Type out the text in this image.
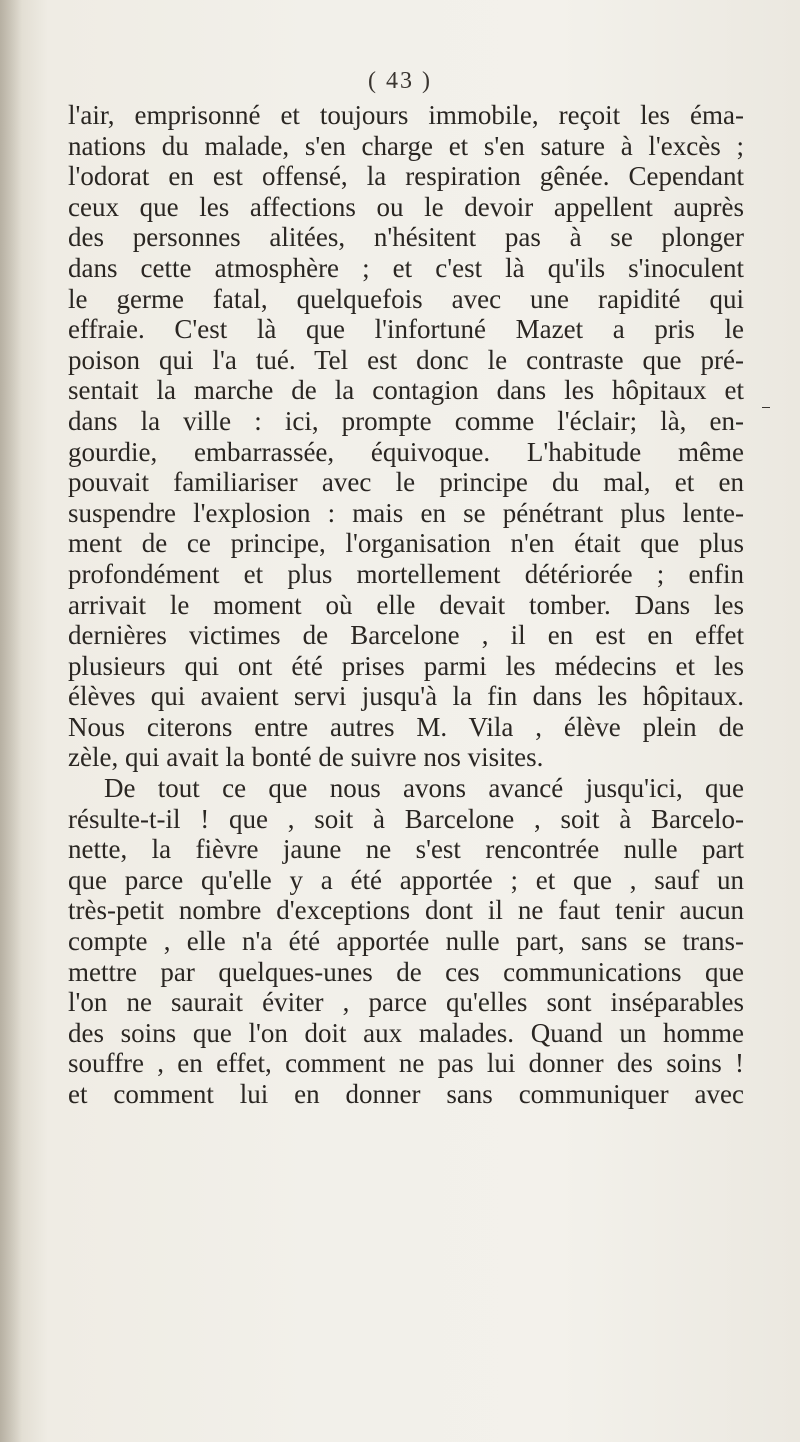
( 43 )
l'air, emprisonné et toujours immobile, reçoit les éma-
nations du malade, s'en charge et s'en sature à l'excès ;
l'odorat en est offensé, la respiration gênée. Cependant
ceux que les affections ou le devoir appellent auprès
des personnes alitées, n'hésitent pas à se plonger
dans cette atmosphère ; et c'est là qu'ils s'inoculent
le germe fatal, quelquefois avec une rapidité qui
effraie. C'est là que l'infortuné Mazet a pris le
poison qui l'a tué. Tel est donc le contraste que pré-
sentait la marche de la contagion dans les hôpitaux et
dans la ville : ici, prompte comme l'éclair; là, en-
gourdie, embarrassée, équivoque. L'habitude même
pouvait familiariser avec le principe du mal, et en
suspendre l'explosion : mais en se pénétrant plus lente-
ment de ce principe, l'organisation n'en était que plus
profondément et plus mortellement détériorée ; enfin
arrivait le moment où elle devait tomber. Dans les
dernières victimes de Barcelone , il en est en effet
plusieurs qui ont été prises parmi les médecins et les
élèves qui avaient servi jusqu'à la fin dans les hôpitaux.
Nous citerons entre autres M. Vila , élève plein de
zèle, qui avait la bonté de suivre nos visites.
De tout ce que nous avons avancé jusqu'ici, que
résulte-t-il ! que , soit à Barcelone , soit à Barcelo-
nette, la fièvre jaune ne s'est rencontrée nulle part
que parce qu'elle y a été apportée ; et que , sauf un
très-petit nombre d'exceptions dont il ne faut tenir aucun
compte , elle n'a été apportée nulle part, sans se trans-
mettre par quelques-unes de ces communications que
l'on ne saurait éviter , parce qu'elles sont inséparables
des soins que l'on doit aux malades. Quand un homme
souffre , en effet, comment ne pas lui donner des soins !
et comment lui en donner sans communiquer avec
